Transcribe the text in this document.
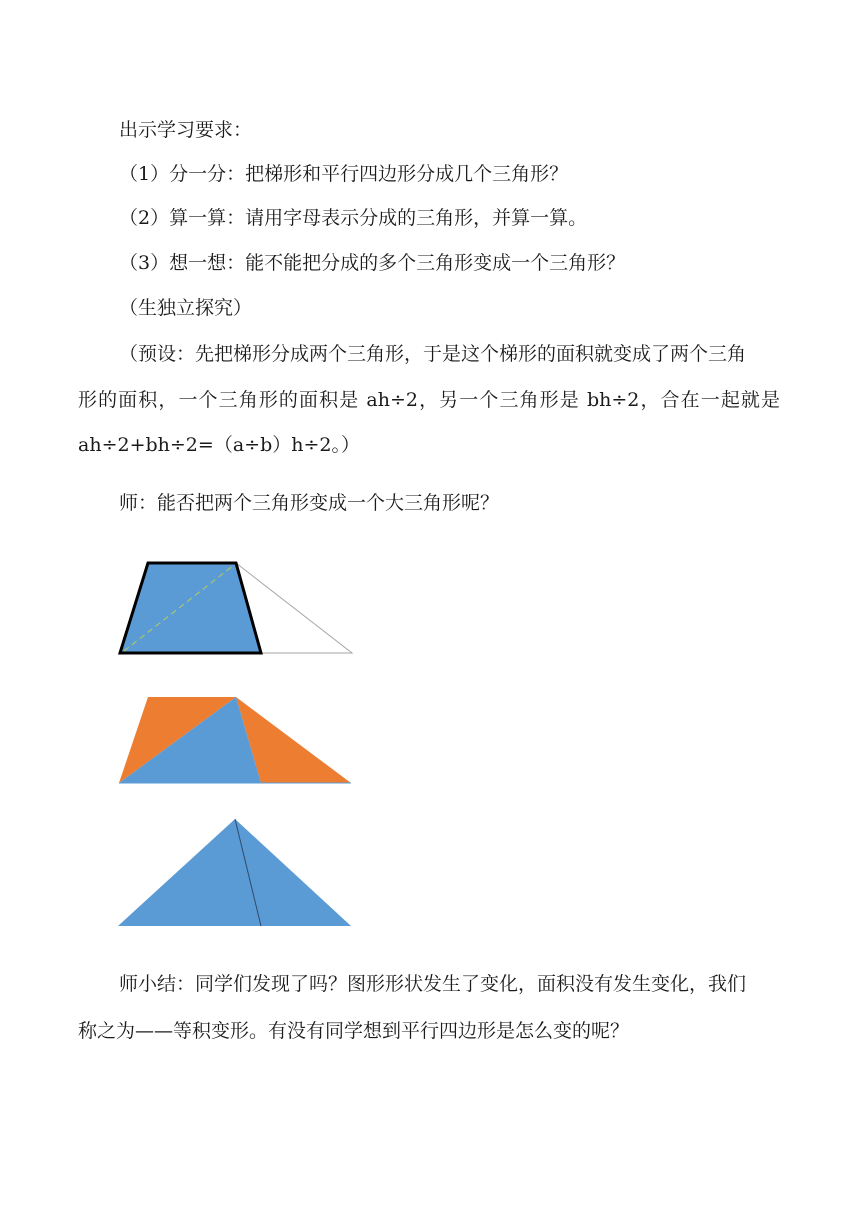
出示学习要求：
（1）分一分：把梯形和平行四边形分成几个三角形？
（2）算一算：请用字母表示分成的三角形，并算一算。
（3）想一想：能不能把分成的多个三角形变成一个三角形？
（生独立探究）
（预设：先把梯形分成两个三角形，于是这个梯形的面积就变成了两个三角
形的面积，一个三角形的面积是 ah÷2，另一个三角形是 bh÷2，合在一起就是
ah÷2+bh÷2=（a÷b）h÷2。）
师：能否把两个三角形变成一个大三角形呢？
师小结：同学们发现了吗？图形形状发生了变化，面积没有发生变化，我们
称之为——等积变形。有没有同学想到平行四边形是怎么变的呢？
